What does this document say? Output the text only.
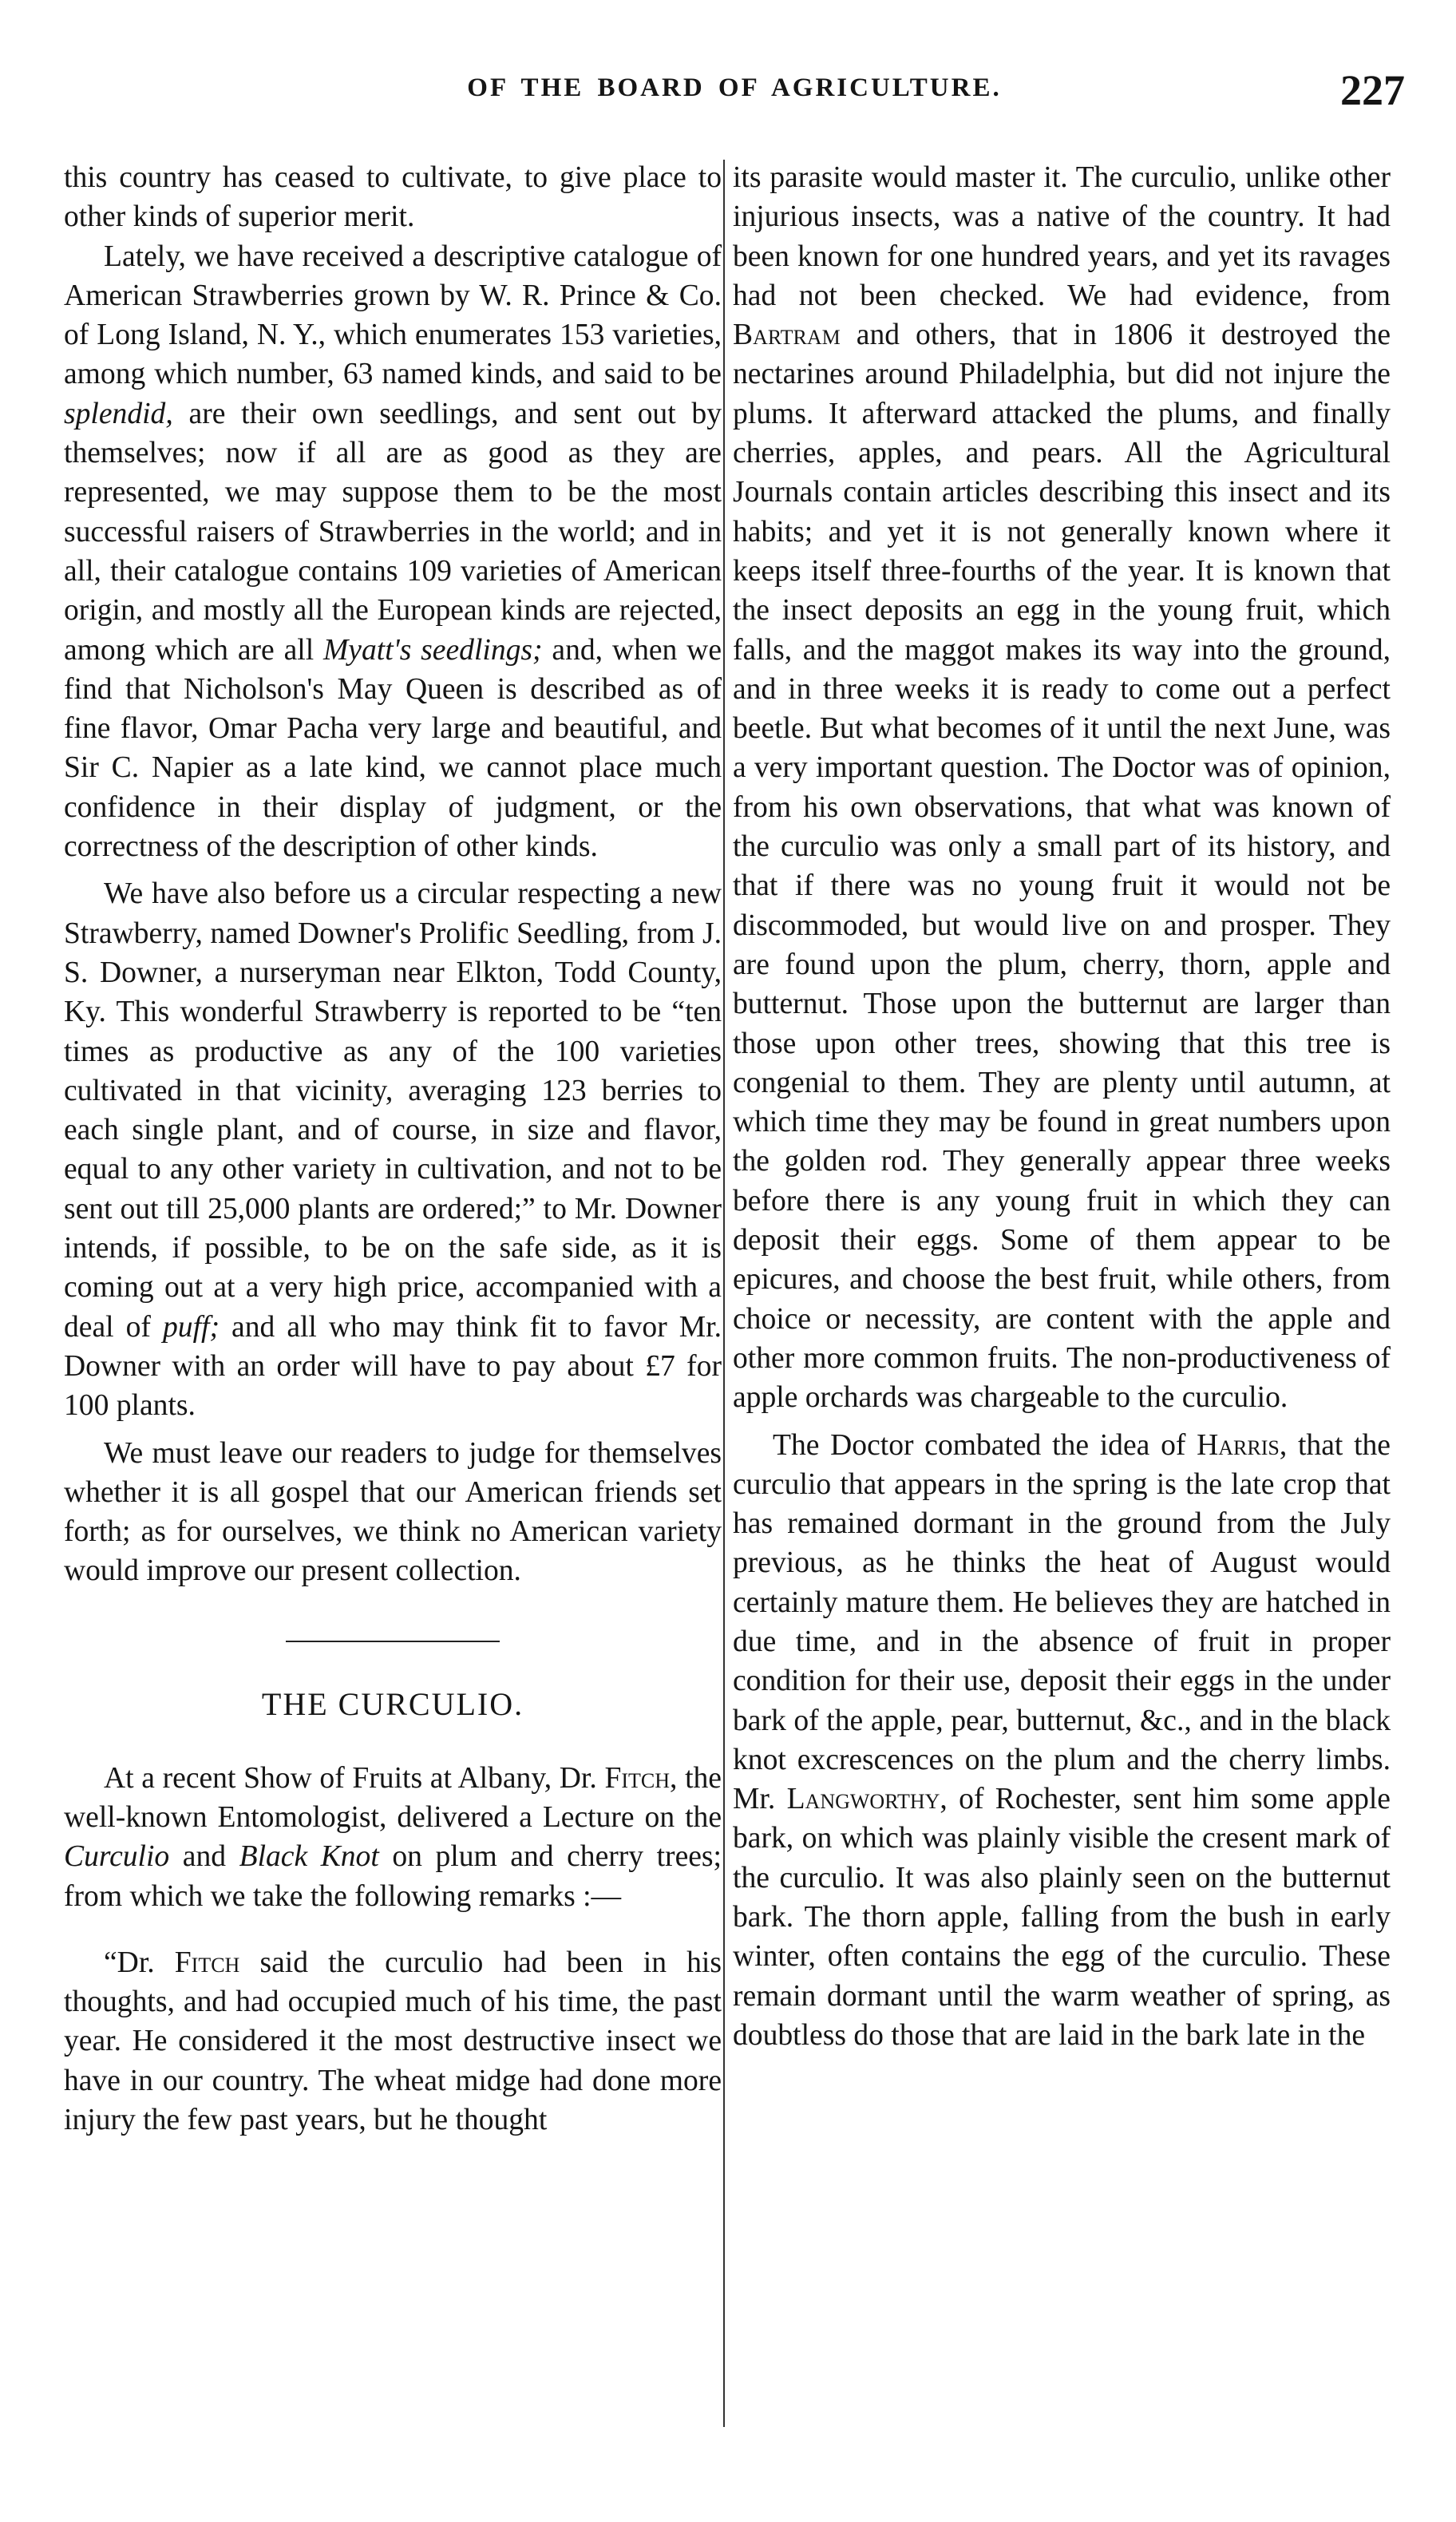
OF THE BOARD OF AGRICULTURE.	227

this country has ceased to cultivate, to give place to other kinds of superior merit.

Lately, we have received a descriptive catalogue of American Strawberries grown by W. R. Prince & Co. of Long Island, N. Y., which enumerates 153 varieties, among which number, 63 named kinds, and said to be splendid, are their own seedlings, and sent out by themselves; now if all are as good as they are represented, we may suppose them to be the most successful raisers of Strawberries in the world; and in all, their catalogue contains 109 varieties of American origin, and mostly all the European kinds are rejected, among which are all Myatt's seedlings; and, when we find that Nicholson's May Queen is described as of fine flavor, Omar Pacha very large and beautiful, and Sir C. Napier as a late kind, we cannot place much confidence in their display of judgment, or the correctness of the description of other kinds.

We have also before us a circular respecting a new Strawberry, named Downer's Prolific Seedling, from J. S. Downer, a nurseryman near Elkton, Todd County, Ky. This wonderful Strawberry is reported to be “ten times as productive as any of the 100 varieties cultivated in that vicinity, averaging 123 berries to each single plant, and of course, in size and flavor, equal to any other variety in cultivation, and not to be sent out till 25,000 plants are ordered;” to Mr. Downer intends, if possible, to be on the safe side, as it is coming out at a very high price, accompanied with a deal of puff; and all who may think fit to favor Mr. Downer with an order will have to pay about £7 for 100 plants.

We must leave our readers to judge for themselves whether it is all gospel that our American friends set forth; as for ourselves, we think no American variety would improve our present collection.

THE CURCULIO.

At a recent Show of Fruits at Albany, Dr. Fitch, the well-known Entomologist, delivered a Lecture on the Curculio and Black Knot on plum and cherry trees; from which we take the following remarks :—

“Dr. Fitch said the curculio had been in his thoughts, and had occupied much of his time, the past year. He considered it the most destructive insect we have in our country. The wheat midge had done more injury the few past years, but he thought

its parasite would master it. The curculio, unlike other injurious insects, was a native of the country. It had been known for one hundred years, and yet its ravages had not been checked. We had evidence, from Bartram and others, that in 1806 it destroyed the nectarines around Philadelphia, but did not injure the plums. It afterward attacked the plums, and finally cherries, apples, and pears. All the Agricultural Journals contain articles describing this insect and its habits; and yet it is not generally known where it keeps itself three-fourths of the year. It is known that the insect deposits an egg in the young fruit, which falls, and the maggot makes its way into the ground, and in three weeks it is ready to come out a perfect beetle. But what becomes of it until the next June, was a very important question. The Doctor was of opinion, from his own observations, that what was known of the curculio was only a small part of its history, and that if there was no young fruit it would not be discommoded, but would live on and prosper. They are found upon the plum, cherry, thorn, apple and butternut. Those upon the butternut are larger than those upon other trees, showing that this tree is congenial to them. They are plenty until autumn, at which time they may be found in great numbers upon the golden rod. They generally appear three weeks before there is any young fruit in which they can deposit their eggs. Some of them appear to be epicures, and choose the best fruit, while others, from choice or necessity, are content with the apple and other more common fruits. The non-productiveness of apple orchards was chargeable to the curculio.

The Doctor combated the idea of Harris, that the curculio that appears in the spring is the late crop that has remained dormant in the ground from the July previous, as he thinks the heat of August would certainly mature them. He believes they are hatched in due time, and in the absence of fruit in proper condition for their use, deposit their eggs in the under bark of the apple, pear, butternut, &c., and in the black knot excrescences on the plum and the cherry limbs. Mr. Langworthy, of Rochester, sent him some apple bark, on which was plainly visible the cresent mark of the curculio. It was also plainly seen on the butternut bark. The thorn apple, falling from the bush in early winter, often contains the egg of the curculio. These remain dormant until the warm weather of spring, as doubtless do those that are laid in the bark late in the
